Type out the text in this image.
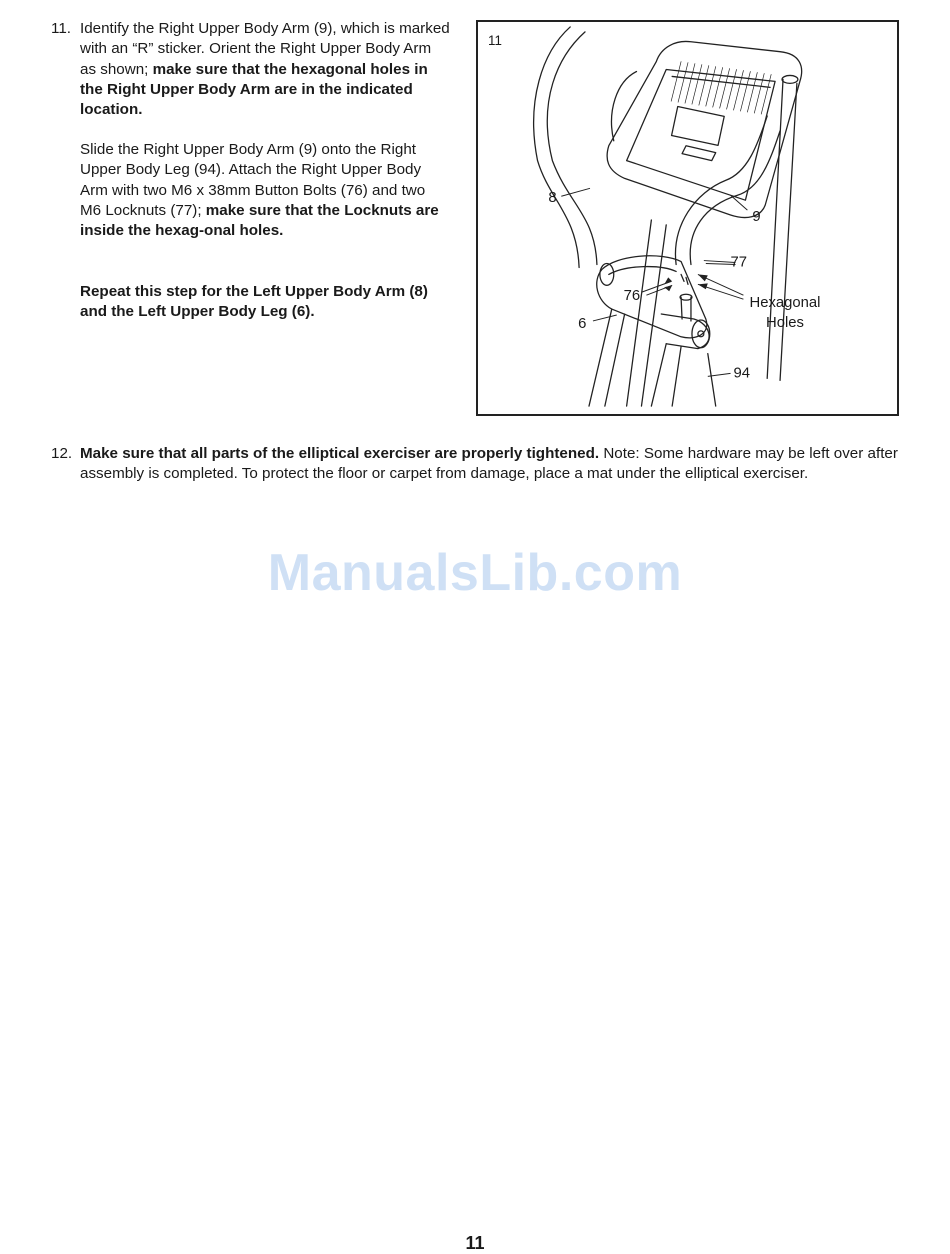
11. Identify the Right Upper Body Arm (9), which is marked with an “R” sticker. Orient the Right Upper Body Arm as shown; make sure that the hexagonal holes in the Right Upper Body Arm are in the indicated location.

Slide the Right Upper Body Arm (9) onto the Right Upper Body Leg (94). Attach the Right Upper Body Arm with two M6 x 38mm Button Bolts (76) and two M6 Locknuts (77); make sure that the Locknuts are inside the hexag-onal holes.

Repeat this step for the Left Upper Body Arm (8) and the Left Upper Body Leg (6).

11
8
9
77
76
6
94
Hexagonal
Holes
12. Make sure that all parts of the elliptical exerciser are properly tightened. Note: Some hardware may be left over after assembly is completed. To protect the floor or carpet from damage, place a mat under the elliptical exerciser.

ManualsLib.com
11
